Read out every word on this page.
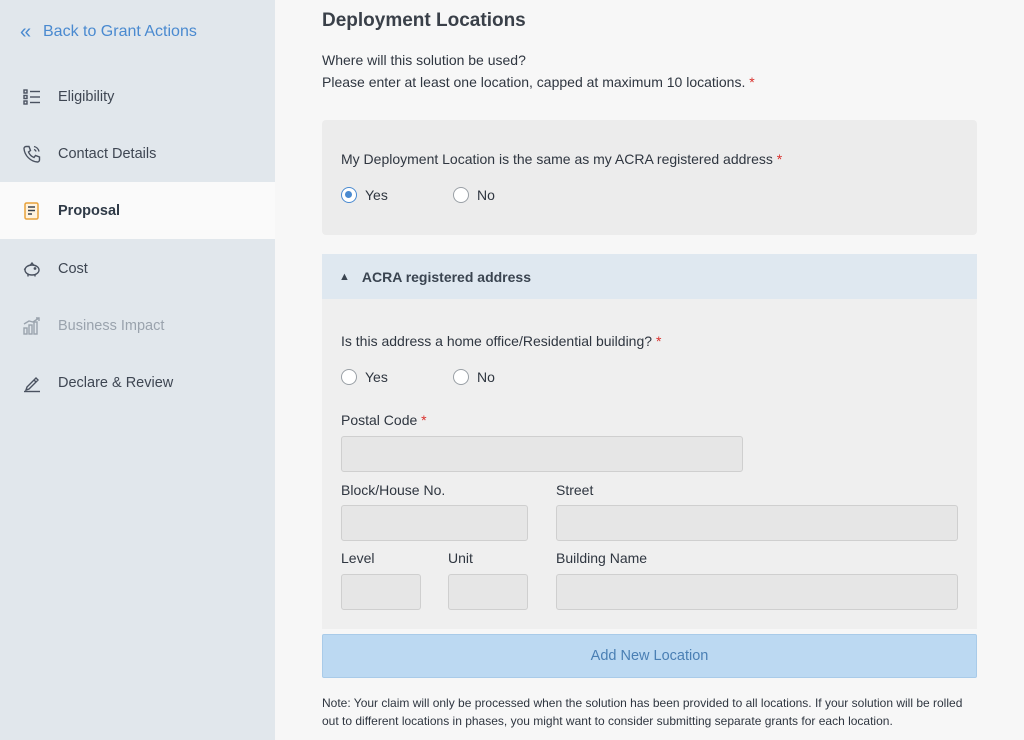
« Back to Grant Actions
Eligibility
Contact Details
Proposal
Cost
Business Impact
Declare & Review
Deployment Locations
Where will this solution be used?
Please enter at least one location, capped at maximum 10 locations. *
My Deployment Location is the same as my ACRA registered address *
Yes	No
▲ ACRA registered address
Is this address a home office/Residential building? *
Yes	No
Postal Code *
Block/House No.	Street
Level	Unit	Building Name
Add New Location
Note: Your claim will only be processed when the solution has been provided to all locations. If your solution will be rolled out to different locations in phases, you might want to consider submitting separate grants for each location.
